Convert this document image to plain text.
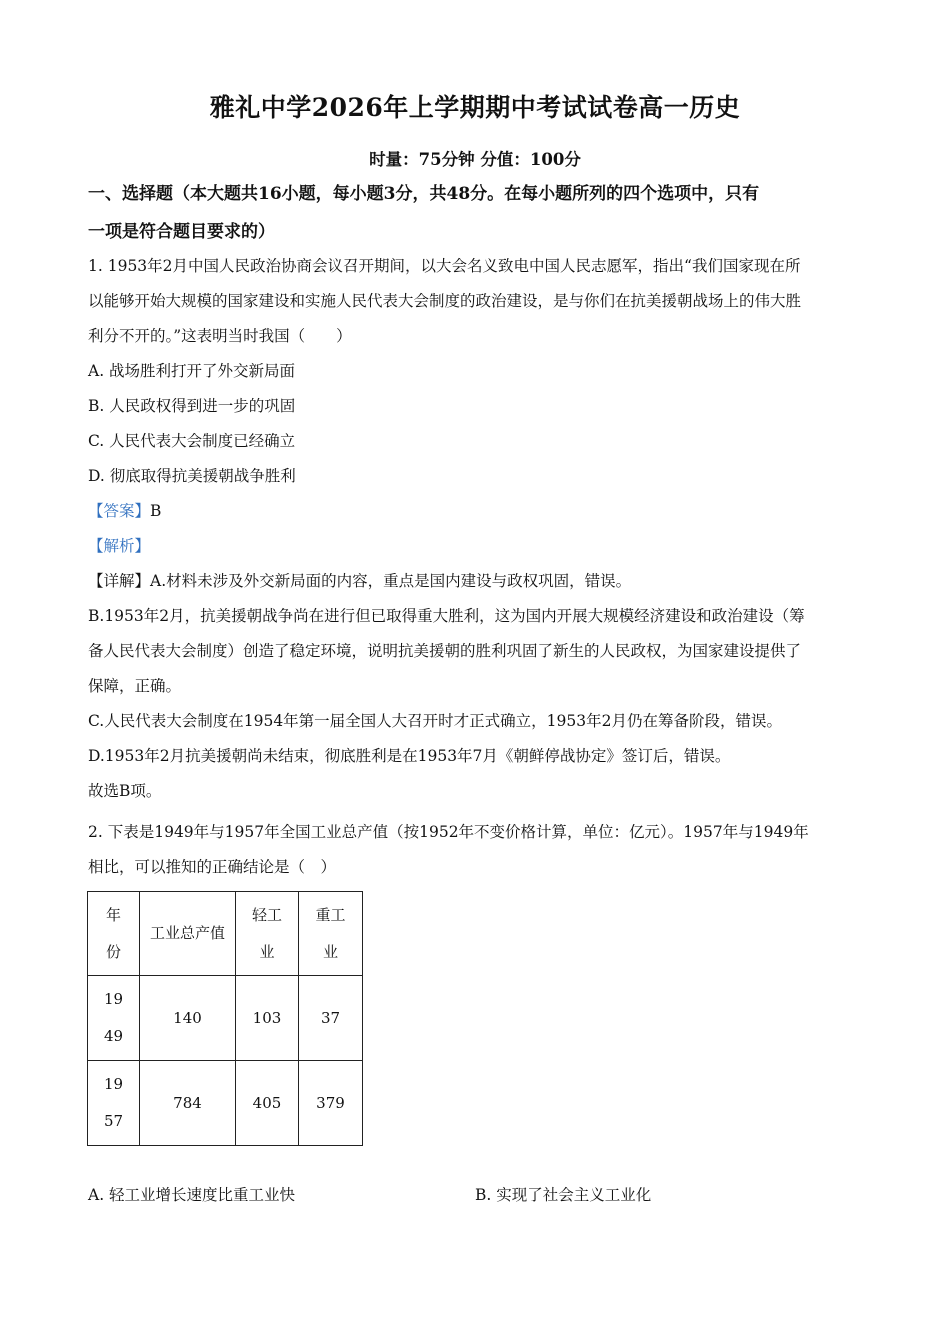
雅礼中学2026年上学期期中考试试卷高一历史
时量：75分钟 分值：100分
一、选择题（本大题共16小题，每小题3分，共48分。在每小题所列的四个选项中，只有
一项是符合题目要求的）
1. 1953年2月中国人民政治协商会议召开期间，以大会名义致电中国人民志愿军，指出“我们国家现在所
以能够开始大规模的国家建设和实施人民代表大会制度的政治建设，是与你们在抗美援朝战场上的伟大胜
利分不开的。”这表明当时我国（　　）
A. 战场胜利打开了外交新局面
B. 人民政权得到进一步的巩固
C. 人民代表大会制度已经确立
D. 彻底取得抗美援朝战争胜利
【答案】B
【解析】
【详解】A.材料未涉及外交新局面的内容，重点是国内建设与政权巩固，错误。
B.1953年2月，抗美援朝战争尚在进行但已取得重大胜利，这为国内开展大规模经济建设和政治建设（筹
备人民代表大会制度）创造了稳定环境，说明抗美援朝的胜利巩固了新生的人民政权，为国家建设提供了
保障，正确。
C.人民代表大会制度在1954年第一届全国人大召开时才正式确立，1953年2月仍在筹备阶段，错误。
D.1953年2月抗美援朝尚未结束，彻底胜利是在1953年7月《朝鲜停战协定》签订后，错误。
故选B项。
2. 下表是1949年与1957年全国工业总产值（按1952年不变价格计算，单位：亿元）。1957年与1949年
相比，可以推知的正确结论是（　）
年份	工业总产值	轻工业	重工业

1949	140	103	37

1957	784	405	379
A. 轻工业增长速度比重工业快	B. 实现了社会主义工业化
